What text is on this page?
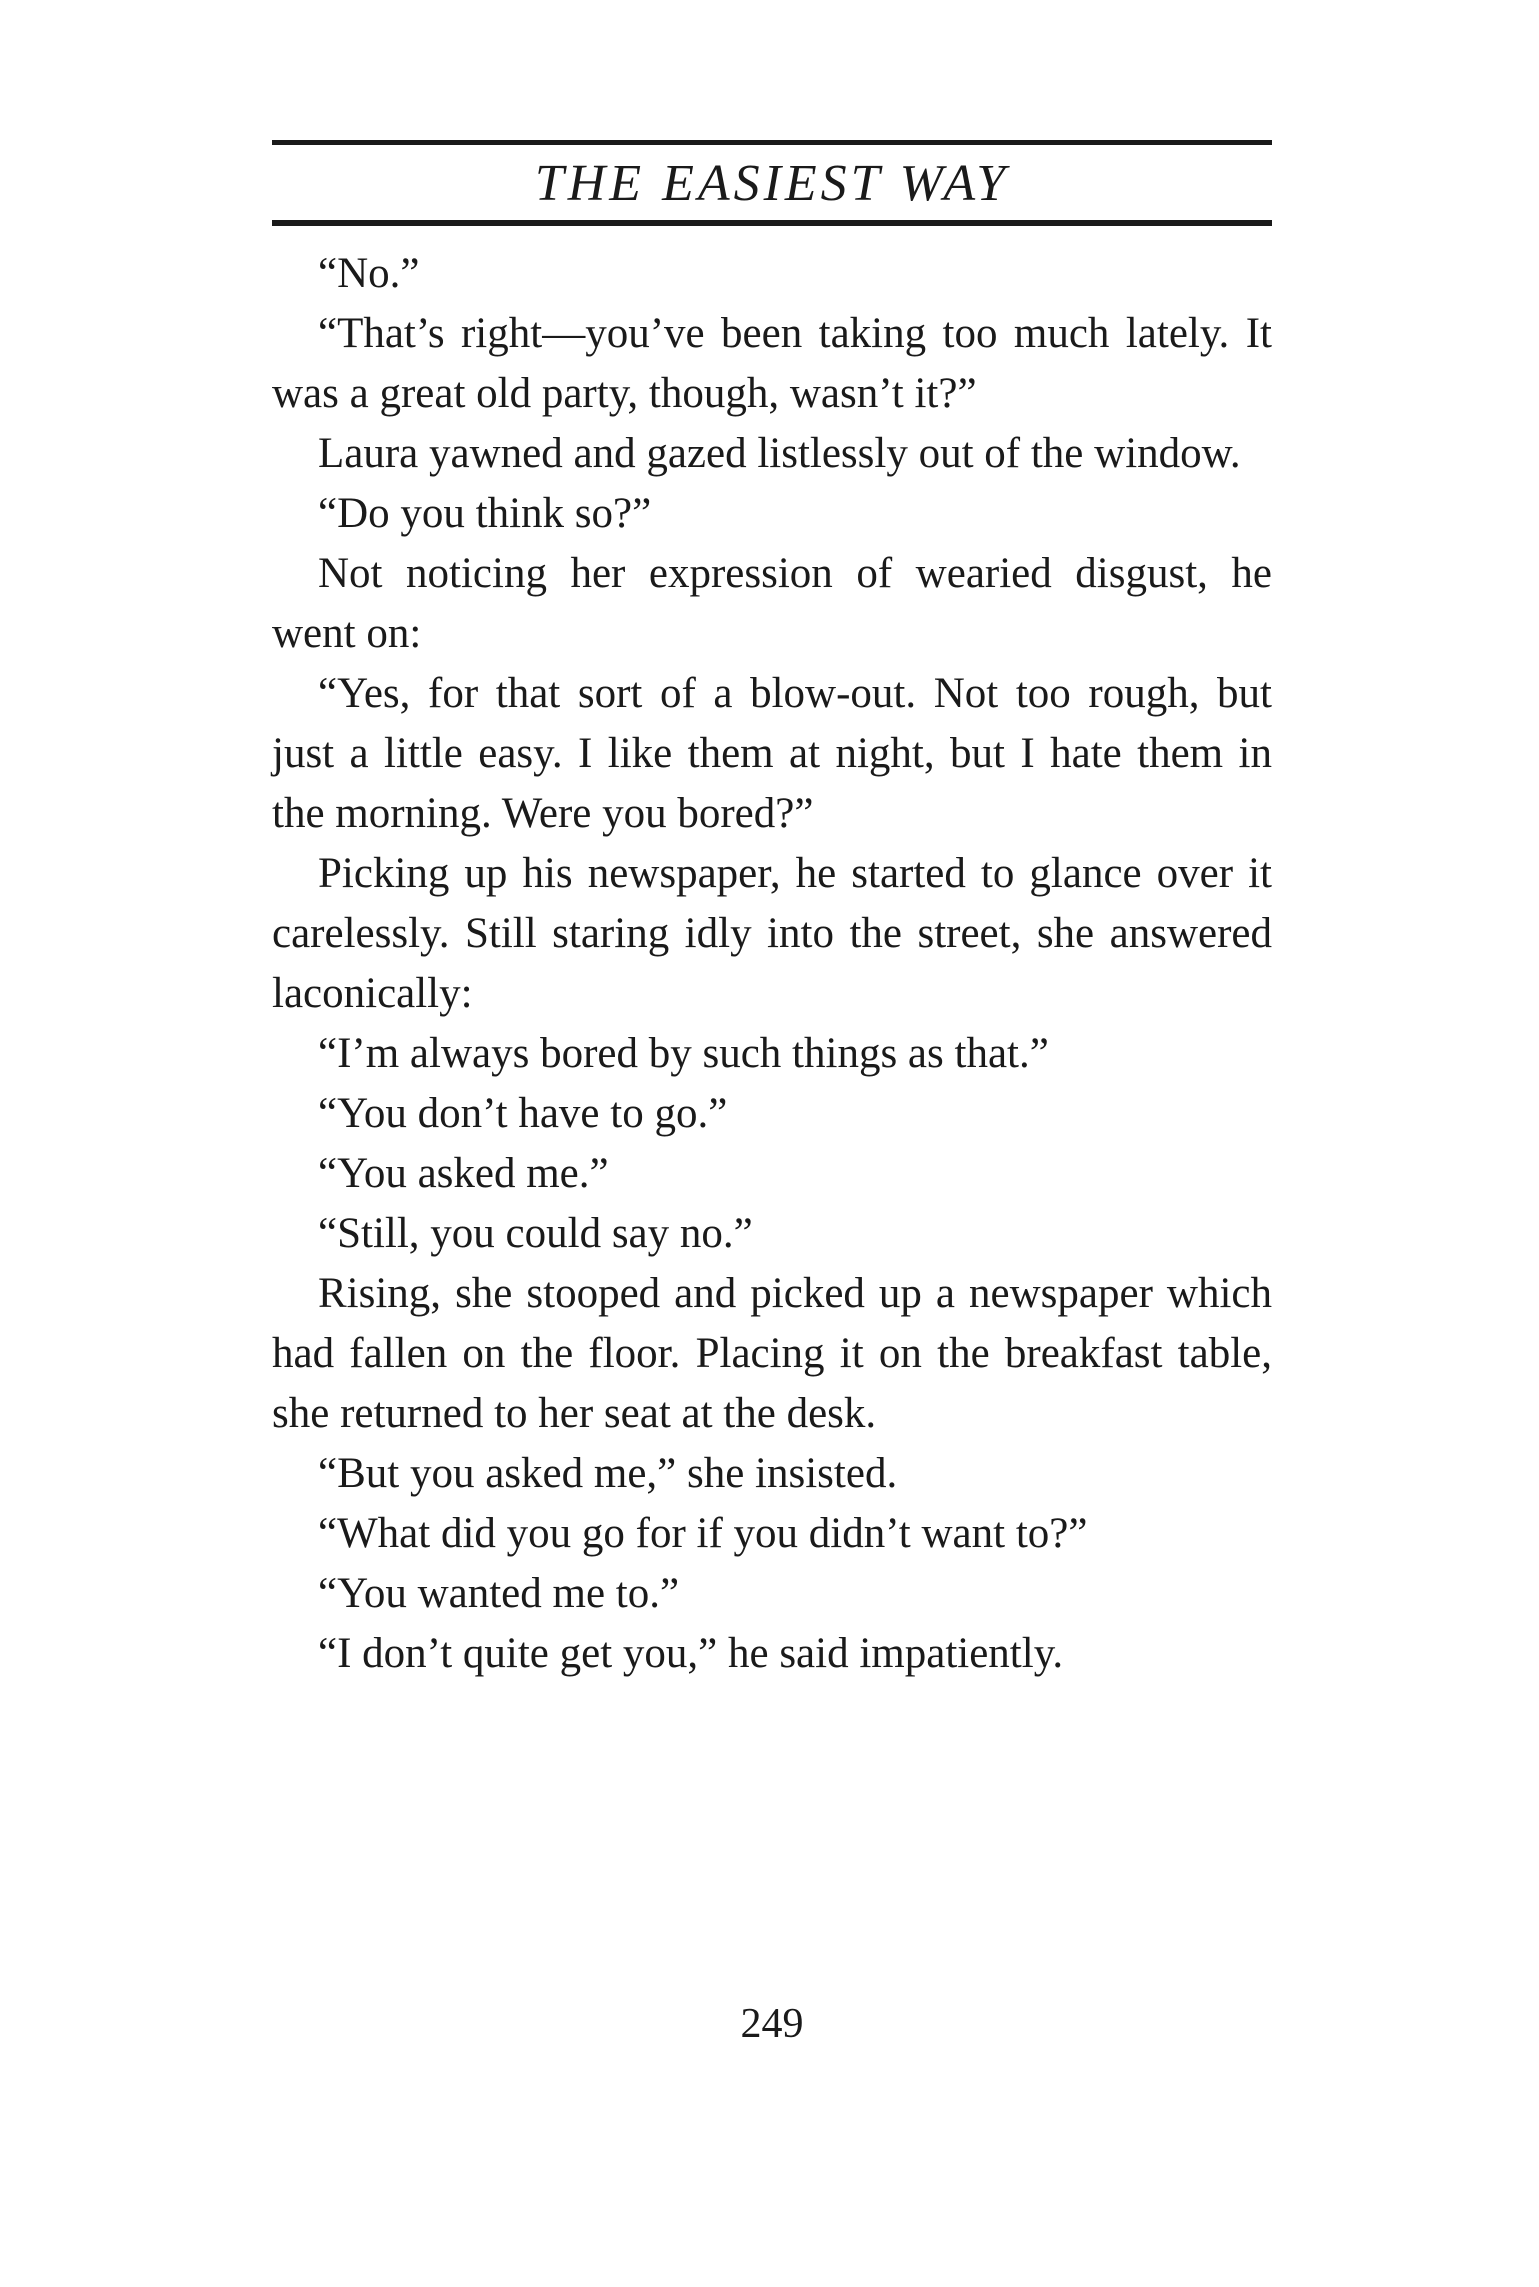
THE EASIEST WAY

“No.”

“That’s right—you’ve been taking too much lately. It was a great old party, though, wasn’t it?”

Laura yawned and gazed listlessly out of the window.

“Do you think so?”

Not noticing her expression of wearied disgust, he went on:

“Yes, for that sort of a blow-out. Not too rough, but just a little easy. I like them at night, but I hate them in the morning. Were you bored?”

Picking up his newspaper, he started to glance over it carelessly. Still staring idly into the street, she answered laconically:

“I’m always bored by such things as that.”

“You don’t have to go.”

“You asked me.”

“Still, you could say no.”

Rising, she stooped and picked up a newspaper which had fallen on the floor. Placing it on the breakfast table, she returned to her seat at the desk.

“But you asked me,” she insisted.

“What did you go for if you didn’t want to?”

“You wanted me to.”

“I don’t quite get you,” he said impatiently.

249
